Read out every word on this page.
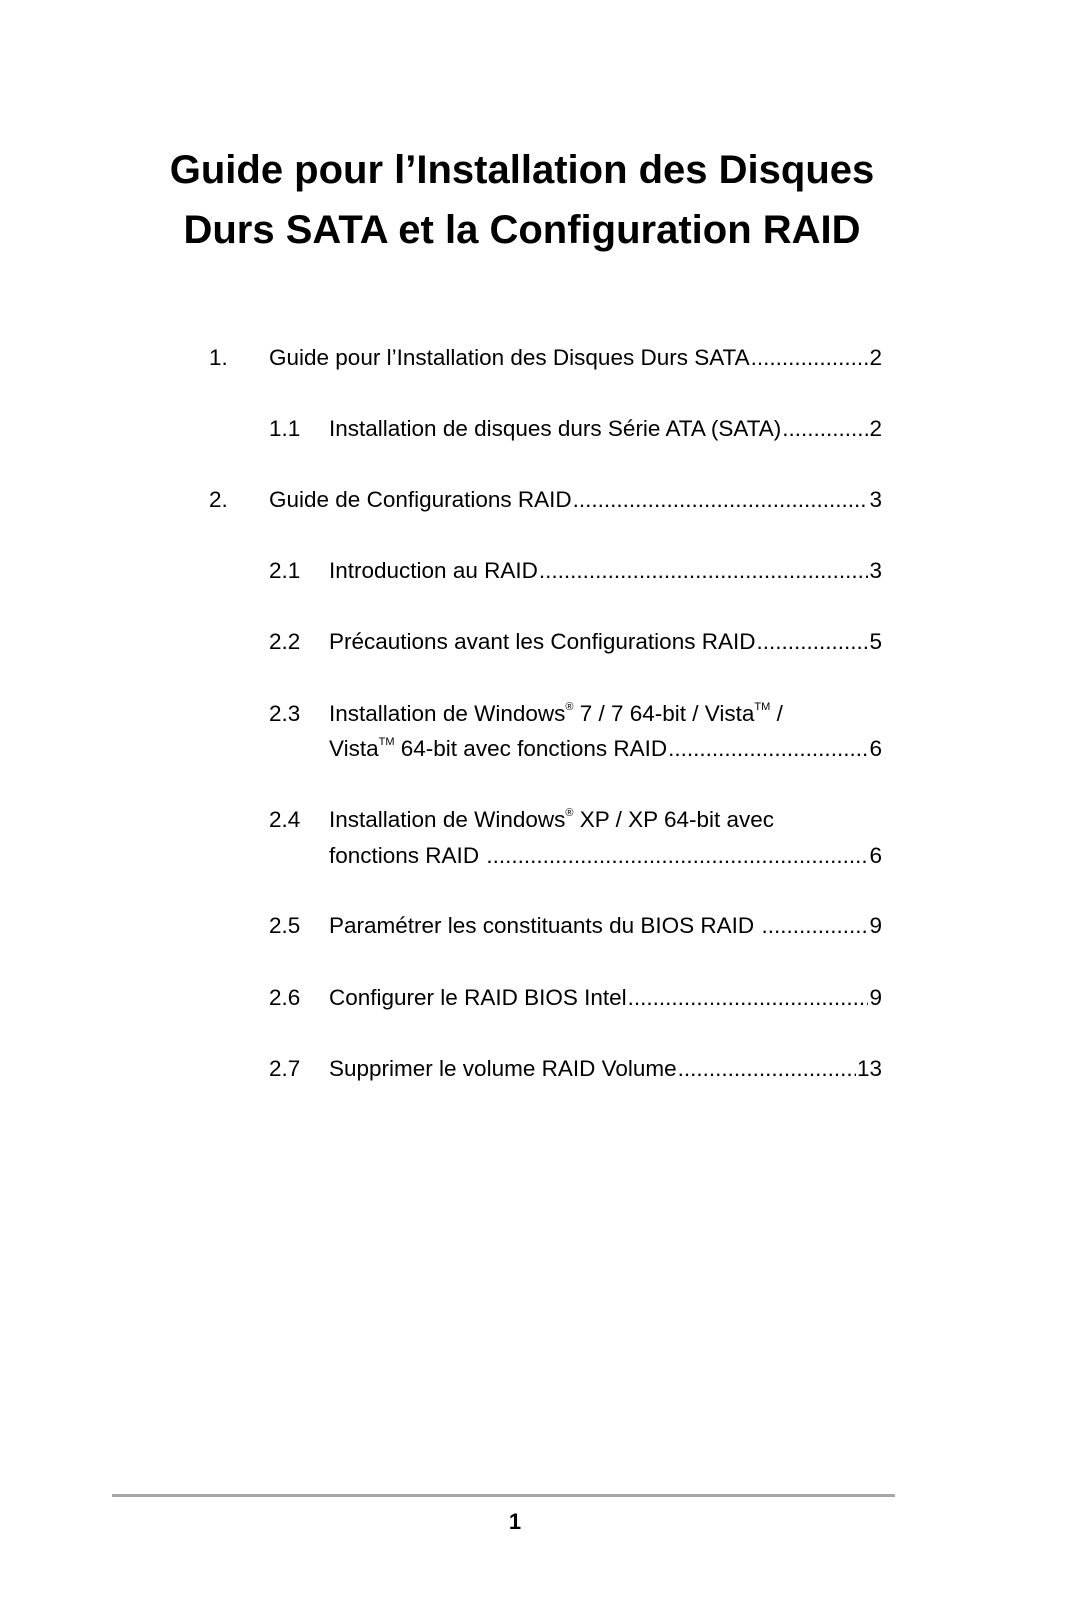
Guide pour l’Installation des Disques
Durs SATA et la Configuration RAID
1. Guide pour l’Installation des Disques Durs SATA .....	2
1.1 Installation de disques durs Série ATA (SATA) .....	2
2. Guide de Configurations RAID .....	3
2.1 Introduction au RAID .....	3
2.2 Précautions avant les Configurations RAID .....	5
2.3 Installation de Windows® 7 / 7 64-bit / Vista™ /
Vista™ 64-bit avec fonctions RAID .....	6
2.4 Installation de Windows® XP / XP 64-bit avec
fonctions RAID .....	6
2.5 Paramétrer les constituants du BIOS RAID .....	9
2.6 Configurer le RAID BIOS Intel .....	9
2.7 Supprimer le volume RAID Volume .....	13
1
